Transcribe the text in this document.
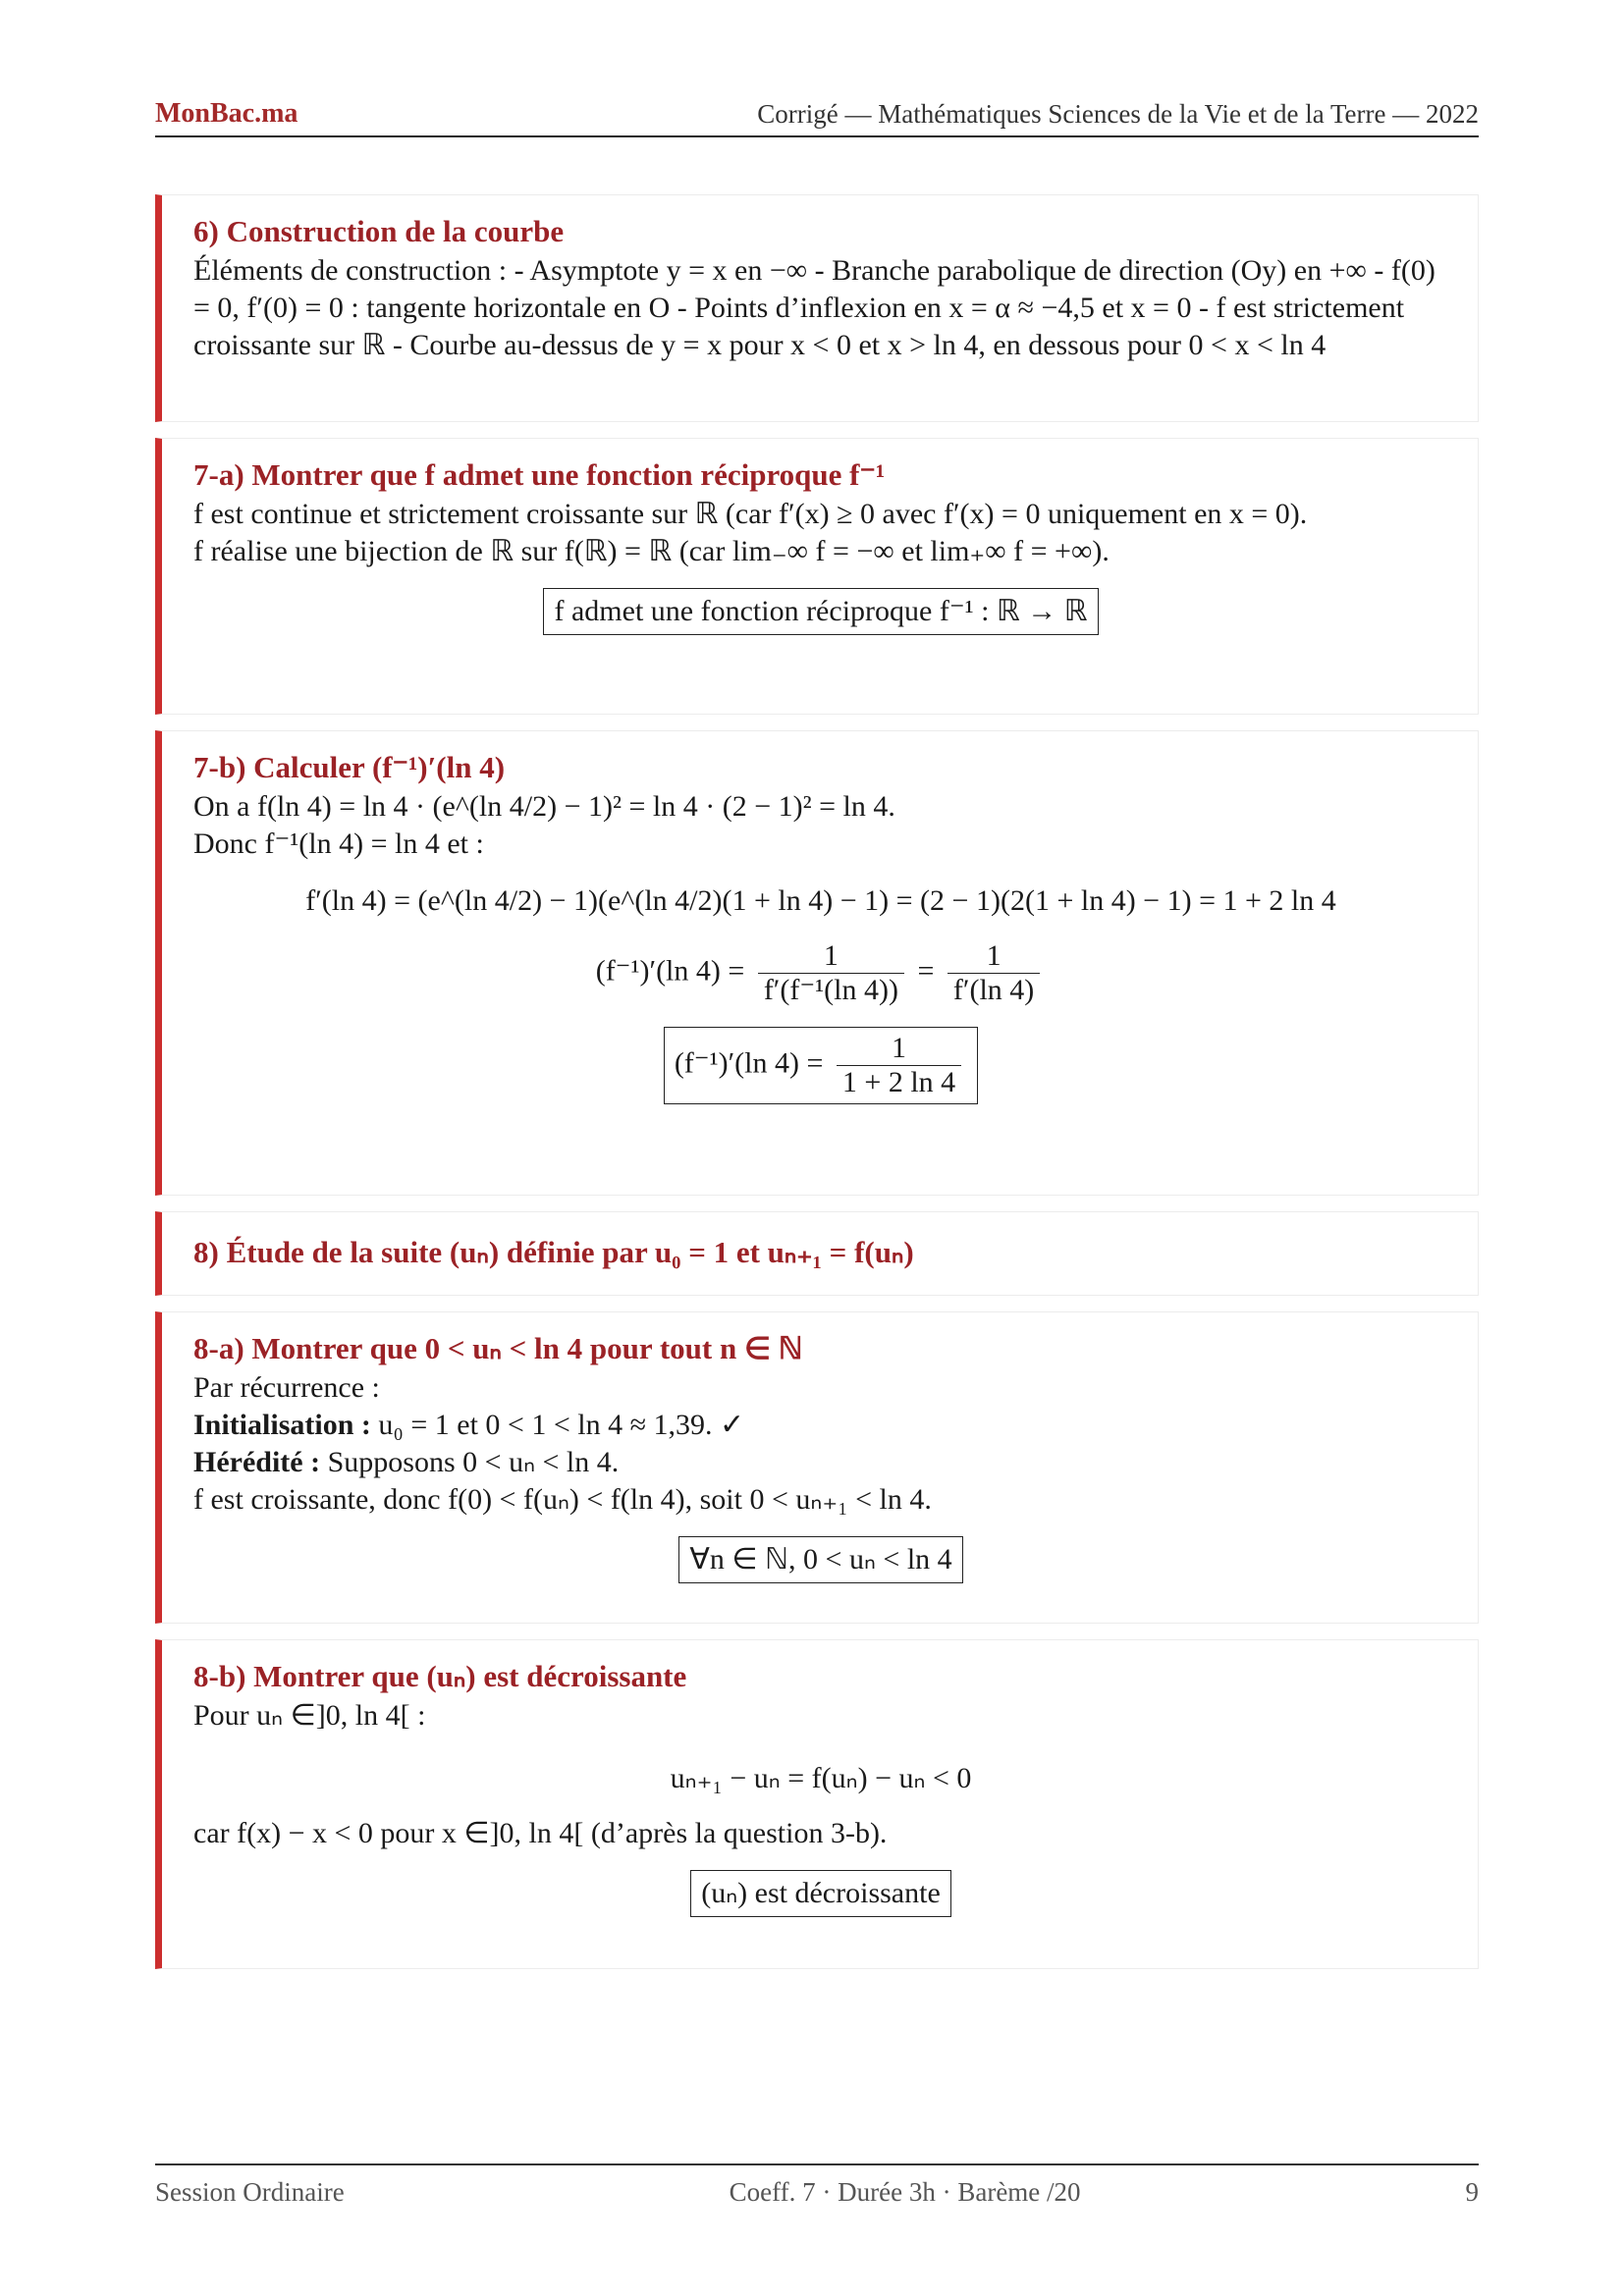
MonBac.ma	Corrigé — Mathématiques Sciences de la Vie et de la Terre — 2022
6) Construction de la courbe

Éléments de construction : - Asymptote y = x en −∞ - Branche parabolique de direction (Oy) en +∞ - f(0) = 0, f′(0) = 0 : tangente horizontale en O - Points d’inflexion en x = α ≈ −4,5 et x = 0 - f est strictement croissante sur ℝ - Courbe au-dessus de y = x pour x < 0 et x > ln 4, en dessous pour 0 < x < ln 4

7-a) Montrer que f admet une fonction réciproque f⁻¹

f est continue et strictement croissante sur ℝ (car f′(x) ≥ 0 avec f′(x) = 0 uniquement en x = 0).

f réalise une bijection de ℝ sur f(ℝ) = ℝ (car lim₋∞ f = −∞ et lim₊∞ f = +∞).

f admet une fonction réciproque f⁻¹ : ℝ → ℝ
7-b) Calculer (f⁻¹)′(ln 4)

On a f(ln 4) = ln 4 · (e^(ln 4/2) − 1)² = ln 4 · (2 − 1)² = ln 4.

Donc f⁻¹(ln 4) = ln 4 et :

f′(ln 4) = (e^(ln 4/2) − 1)(e^(ln 4/2)(1 + ln 4) − 1) = (2 − 1)(2(1 + ln 4) − 1) = 1 + 2 ln 4
(f⁻¹)′(ln $4) = \frac{1}{\text{f′(f⁻¹(ln 4))}} = \frac{1}{f'(\ln 4)}$
(f⁻¹)′(ln $4) = \frac{1}{1 + 2 \ln 4}$
8) Étude de la suite (uₙ) définie par u₀ = 1 et uₙ₊₁ = f(uₙ)
8-a) Montrer que 0 < uₙ < ln 4 pour tout n ∈ ℕ

Par récurrence :

Initialisation : u₀ = 1 et 0 < 1 < ln 4 ≈ 1,39. ✓

Hérédité : Supposons 0 < uₙ < ln 4.

f est croissante, donc f(0) < f(uₙ) < f(ln 4), soit 0 < uₙ₊₁ < ln 4.

∀n ∈ ℕ, 0 < uₙ < ln 4
8-b) Montrer que (uₙ) est décroissante

Pour uₙ ∈]0, ln 4[ :

uₙ₊₁ − uₙ = f(uₙ) − uₙ < 0

car f(x) − x < 0 pour x ∈]0, ln 4[ (d’après la question 3-b).

(uₙ) est décroissante
Session Ordinaire	Coeff. 7 · Durée 3h · Barème /20	9
